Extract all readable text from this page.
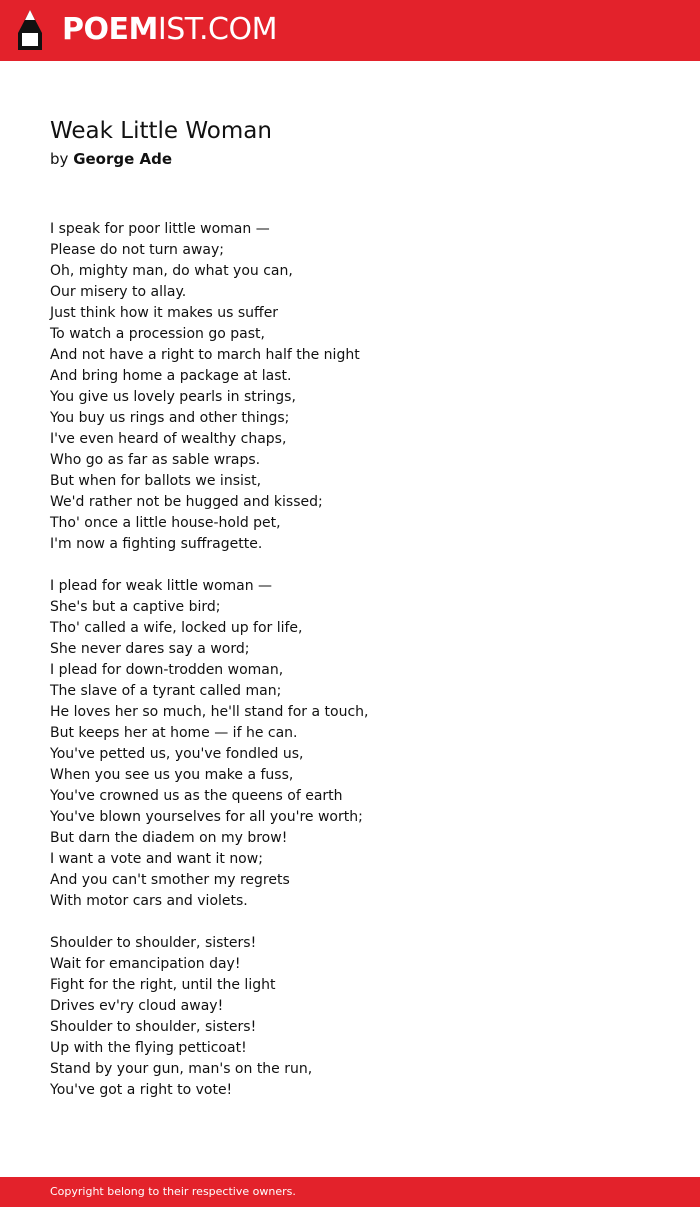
POEMIST.COM
Weak Little Woman
by George Ade
I speak for poor little woman —
Please do not turn away;
Oh, mighty man, do what you can,
Our misery to allay.
Just think how it makes us suffer
To watch a procession go past,
And not have a right to march half the night
And bring home a package at last.
You give us lovely pearls in strings,
You buy us rings and other things;
I've even heard of wealthy chaps,
Who go as far as sable wraps.
But when for ballots we insist,
We'd rather not be hugged and kissed;
Tho' once a little house-hold pet,
I'm now a fighting suffragette.
I plead for weak little woman —
She's but a captive bird;
Tho' called a wife, locked up for life,
She never dares say a word;
I plead for down-trodden woman,
The slave of a tyrant called man;
He loves her so much, he'll stand for a touch,
But keeps her at home — if he can.
You've petted us, you've fondled us,
When you see us you make a fuss,
You've crowned us as the queens of earth
You've blown yourselves for all you're worth;
But darn the diadem on my brow!
I want a vote and want it now;
And you can't smother my regrets
With motor cars and violets.
Shoulder to shoulder, sisters!
Wait for emancipation day!
Fight for the right, until the light
Drives ev'ry cloud away!
Shoulder to shoulder, sisters!
Up with the flying petticoat!
Stand by your gun, man's on the run,
You've got a right to vote!
Copyright belong to their respective owners.
